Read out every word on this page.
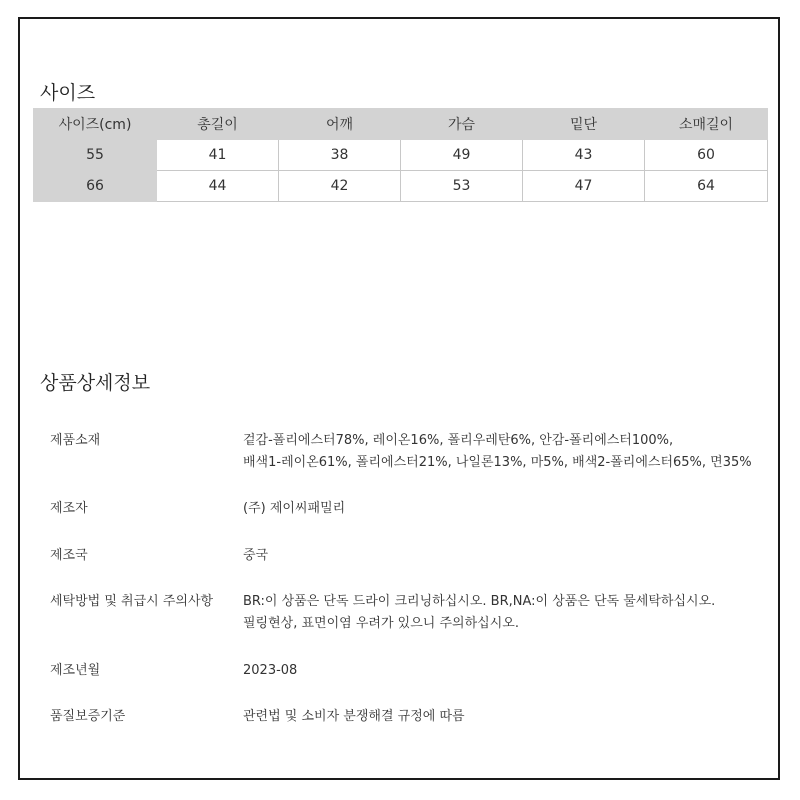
사이즈
사이즈(cm)	총길이	어깨	가슴	밑단	소매길이
55	41	38	49	43	60
66	44	42	53	47	64
상품상세정보
제품소재	겉감-폴리에스터78%, 레이온16%, 폴리우레탄6%, 안감-폴리에스터100%,
배색1-레이온61%, 폴리에스터21%, 나일론13%, 마5%, 배색2-폴리에스터65%, 면35%
제조자	(주) 제이씨패밀리
제조국	중국
세탁방법 및 취급시 주의사항	BR:이 상품은 단독 드라이 크리닝하십시오. BR,NA:이 상품은 단독 물세탁하십시오.
필링현상, 표면이염 우려가 있으니 주의하십시오.
제조년월	2023-08
품질보증기준	관련법 및 소비자 분쟁해결 규정에 따름
